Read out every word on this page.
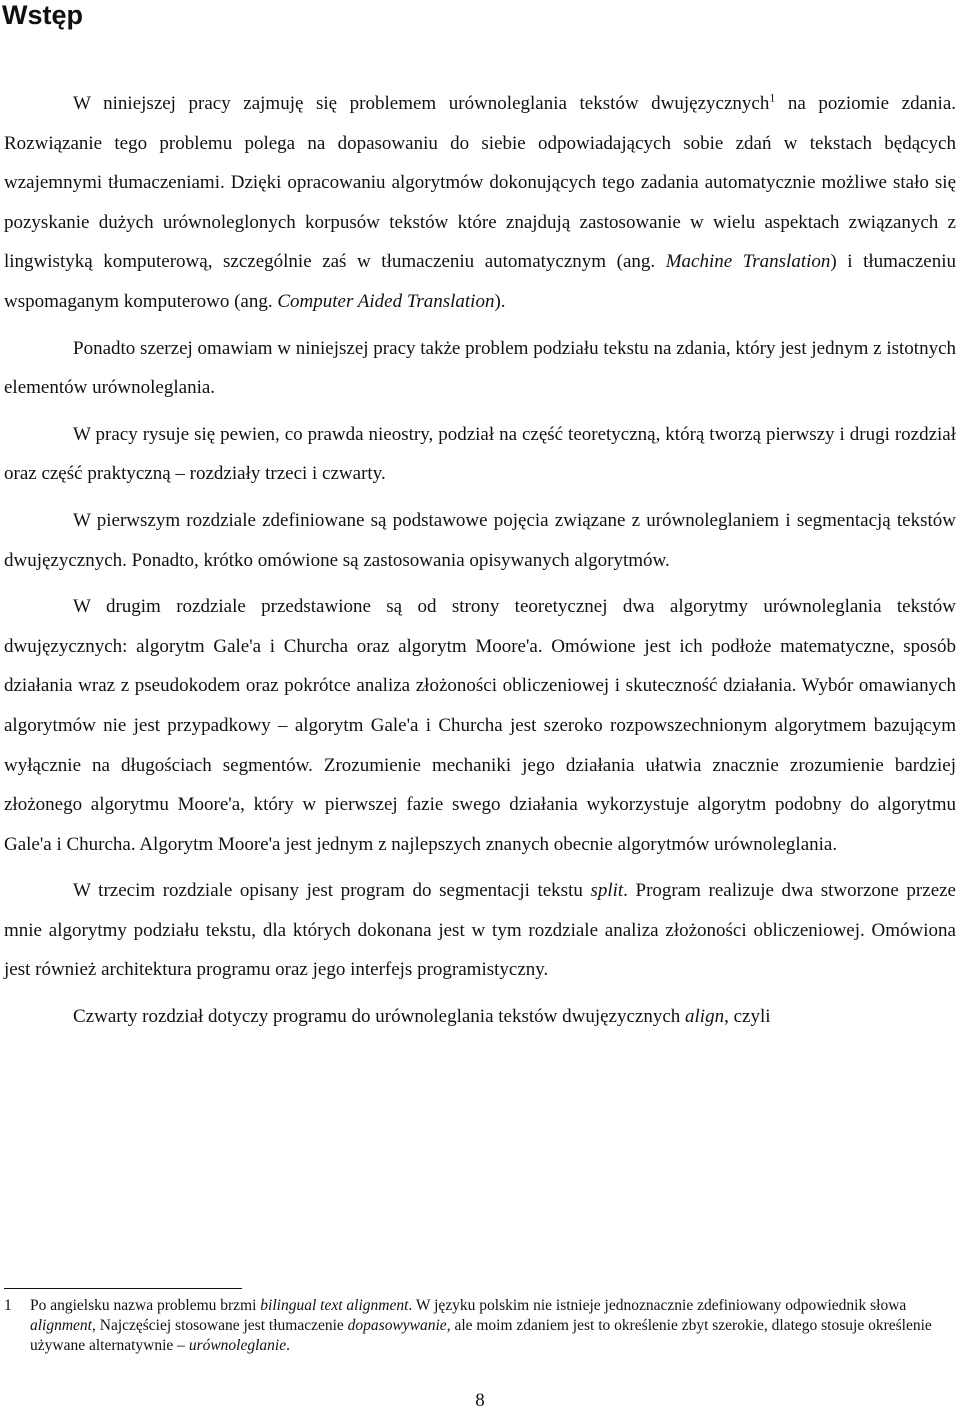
Wstęp

W niniejszej pracy zajmuję się problemem urównoleglania tekstów dwujęzycznych$^1$ na poziomie zdania. Rozwiązanie tego problemu polega na dopasowaniu do siebie odpowiadających sobie zdań w tekstach będących wzajemnymi tłumaczeniami. Dzięki opracowaniu algorytmów dokonujących tego zadania automatycznie możliwe stało się pozyskanie dużych urównoleglonych korpusów tekstów które znajdują zastosowanie w wielu aspektach związanych z lingwistyką komputerową, szczególnie zaś w tłumaczeniu automatycznym (ang. Machine Translation) i tłumaczeniu wspomaganym komputerowo (ang. Computer Aided Translation).

Ponadto szerzej omawiam w niniejszej pracy także problem podziału tekstu na zdania, który jest jednym z istotnych elementów urównoleglania.

W pracy rysuje się pewien, co prawda nieostry, podział na część teoretyczną, którą tworzą pierwszy i drugi rozdział oraz część praktyczną – rozdziały trzeci i czwarty.

W pierwszym rozdziale zdefiniowane są podstawowe pojęcia związane z urównoleglaniem i segmentacją tekstów dwujęzycznych. Ponadto, krótko omówione są zastosowania opisywanych algorytmów.

W drugim rozdziale przedstawione są od strony teoretycznej dwa algorytmy urównoleglania tekstów dwujęzycznych: algorytm Gale'a i Churcha oraz algorytm Moore'a. Omówione jest ich podłoże matematyczne, sposób działania wraz z pseudokodem oraz pokrótce analiza złożoności obliczeniowej i skuteczność działania. Wybór omawianych algorytmów nie jest przypadkowy – algorytm Gale'a i Churcha jest szeroko rozpowszechnionym algorytmem bazującym wyłącznie na długościach segmentów. Zrozumienie mechaniki jego działania ułatwia znacznie zrozumienie bardziej złożonego algorytmu Moore'a, który w pierwszej fazie swego działania wykorzystuje algorytm podobny do algorytmu Gale'a i Churcha. Algorytm Moore'a jest jednym z najlepszych znanych obecnie algorytmów urównoleglania.

W trzecim rozdziale opisany jest program do segmentacji tekstu split. Program realizuje dwa stworzone przeze mnie algorytmy podziału tekstu, dla których dokonana jest w tym rozdziale analiza złożoności obliczeniowej. Omówiona jest również architektura programu oraz jego interfejs programistyczny.

Czwarty rozdział dotyczy programu do urównoleglania tekstów dwujęzycznych align, czyli

1 Po angielsku nazwa problemu brzmi bilingual text alignment. W języku polskim nie istnieje jednoznacznie zdefiniowany odpowiednik słowa alignment, Najczęściej stosowane jest tłumaczenie dopasowywanie, ale moim zdaniem jest to określenie zbyt szerokie, dlatego stosuje określenie używane alternatywnie – urównoleglanie.
8
